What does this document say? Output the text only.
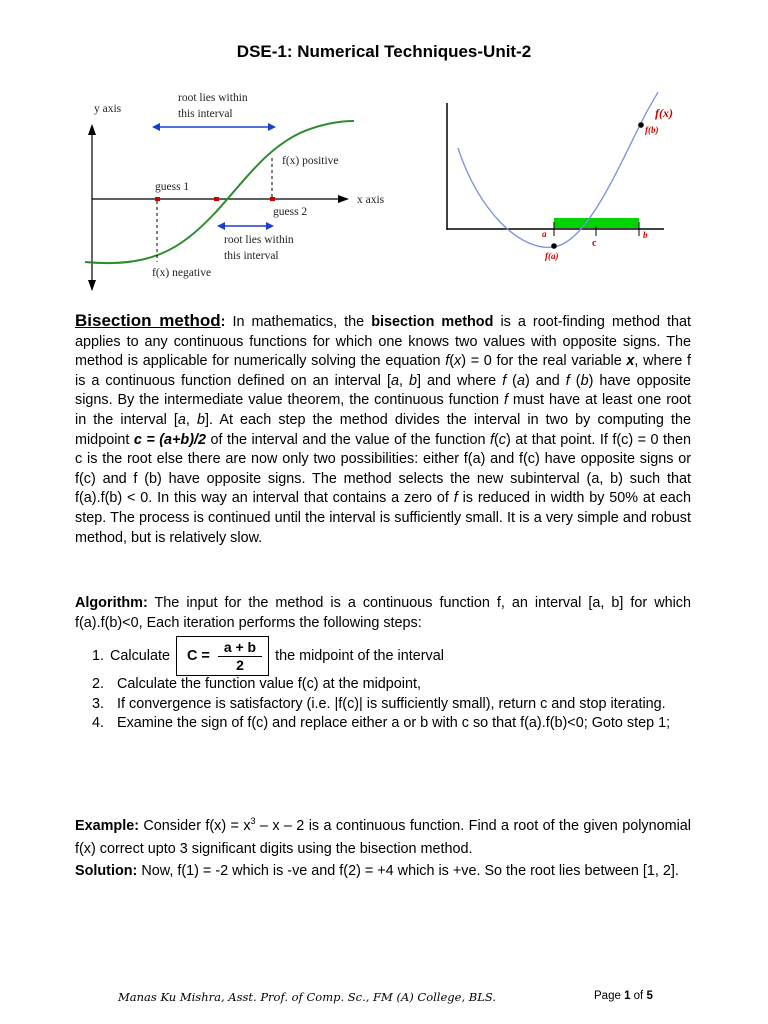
DSE-1: Numerical Techniques-Unit-2
y axis
x axis
root lies within
this interval
f(x) positive
guess 1
guess 2
root lies within
this interval
f(x) negative
f(x)
f(b)
a
c
b
f(a)
Bisection method: In mathematics, the bisection method is a root-finding method that applies to any continuous functions for which one knows two values with opposite signs. The method is applicable for numerically solving the equation f(x) = 0 for the real variable x, where f is a continuous function defined on an interval [a, b] and where f (a) and f (b) have opposite signs. By the intermediate value theorem, the continuous function f must have at least one root in the interval [a, b]. At each step the method divides the interval in two by computing the midpoint c = (a+b)/2 of the interval and the value of the function f(c) at that point. If f(c) = 0 then c is the root else there are now only two possibilities: either f(a) and f(c) have opposite signs or f(c) and f (b) have opposite signs. The method selects the new subinterval (a, b) such that f(a).f(b) < 0. In this way an interval that contains a zero of f is reduced in width by 50% at each step. The process is continued until the interval is sufficiently small. It is a very simple and robust method, but is relatively slow.
Algorithm: The input for the method is a continuous function f, an interval [a, b] for which f(a).f(b)<0, Each iteration performs the following steps:
1. Calculate $C = \frac{a + b}{2}$ the midpoint of the interval
2. Calculate the function value f(c) at the midpoint,
3. If convergence is satisfactory (i.e. |f(c)| is sufficiently small), return c and stop iterating.
4. Examine the sign of f(c) and replace either a or b with c so that f(a).f(b)<0; Goto step 1;
Example: Consider $f(x) = x^3 - x - 2$ is a continuous function. Find a root of the given polynomial f(x) correct upto 3 significant digits using the bisection method.
Solution: Now, f(1) = -2 which is -ve and f(2) = +4 which is +ve. So the root lies between [1, 2].
Manas Ku Mishra, Asst. Prof. of Comp. Sc., FM (A) College, BLS.	Page 1 of 5
